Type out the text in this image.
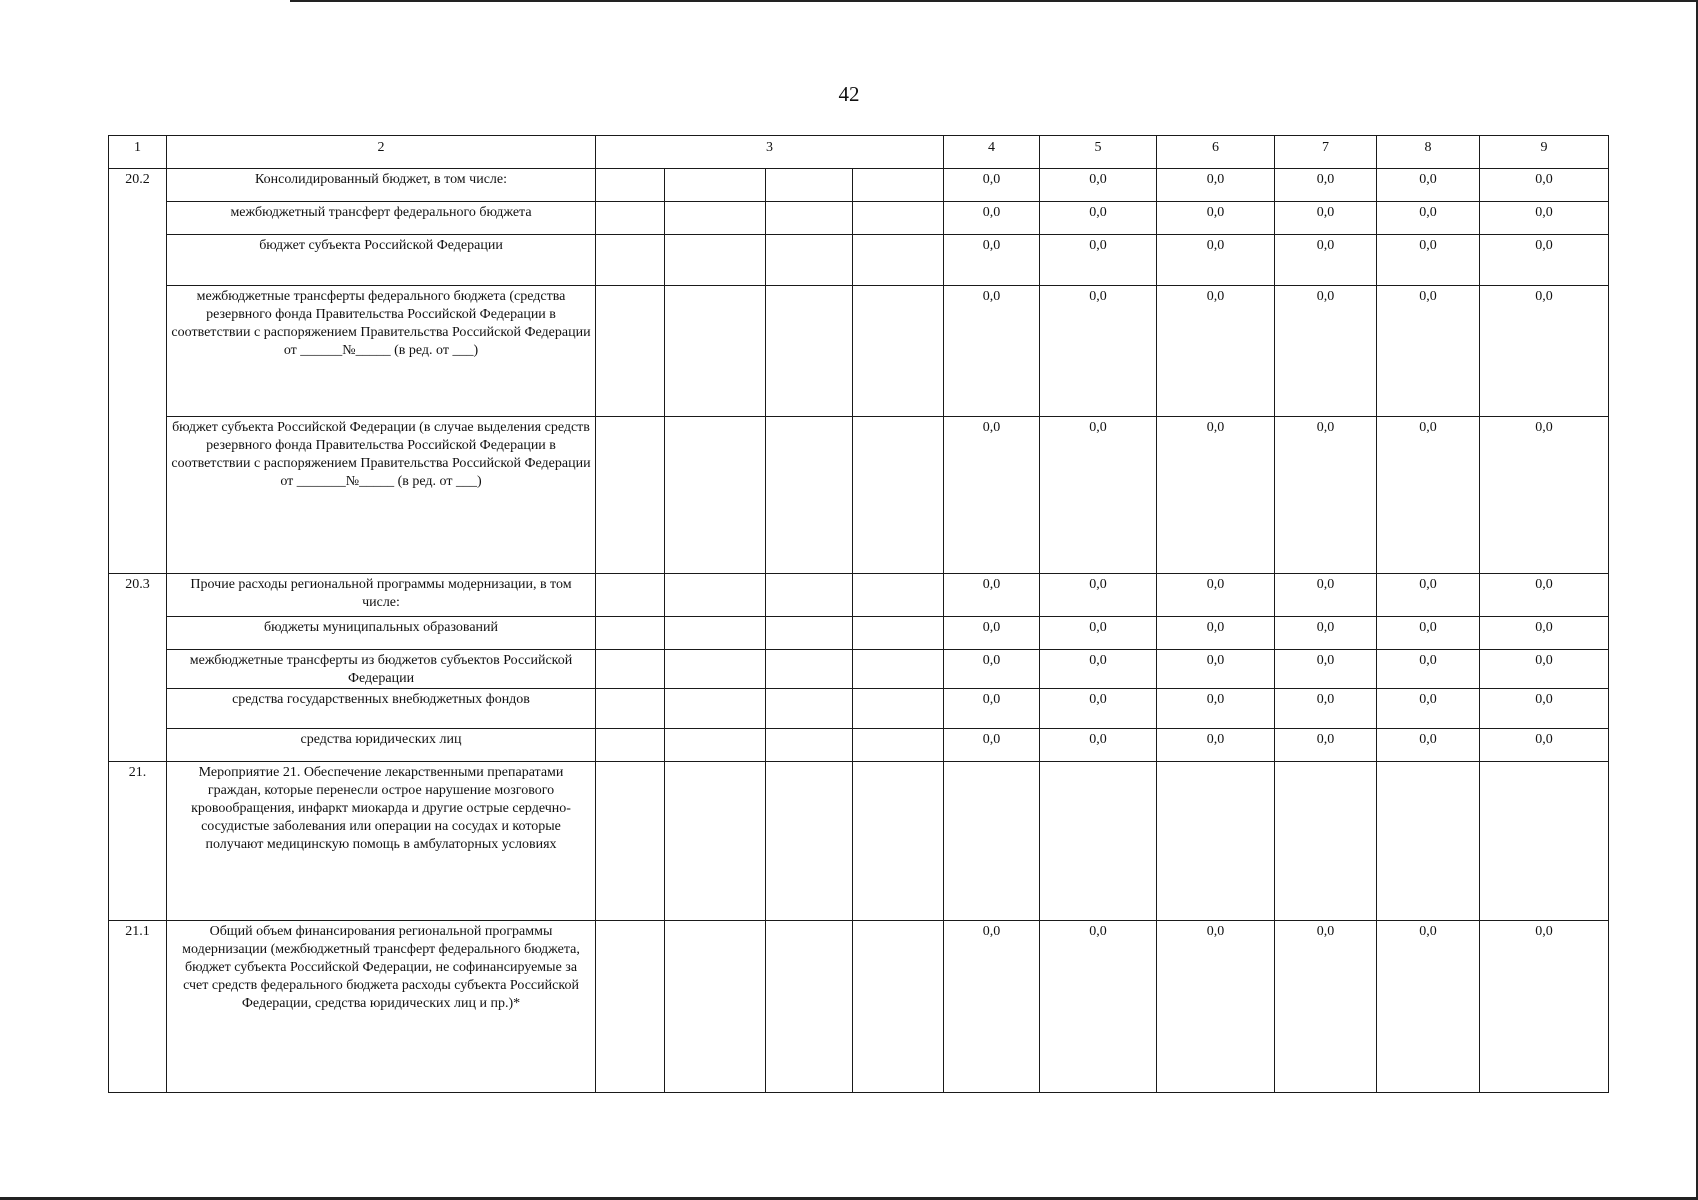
42
1	2	3				4	5	6	7	8	9
20.2	Консолидированный бюджет, в том числе:					0,0	0,0	0,0	0,0	0,0	0,0
	межбюджетный трансферт федерального бюджета					0,0	0,0	0,0	0,0	0,0	0,0
	бюджет субъекта Российской Федерации					0,0	0,0	0,0	0,0	0,0	0,0
	межбюджетные трансферты федерального бюджета (средства резервного фонда Правительства Российской Федерации в соответствии с распоряжением Правительства Российской Федерации от ______№_____ (в ред. от ___)					0,0	0,0	0,0	0,0	0,0	0,0
	бюджет субъекта Российской Федерации (в случае выделения средств резервного фонда Правительства Российской Федерации в соответствии с распоряжением Правительства Российской Федерации от _______№_____ (в ред. от ___)					0,0	0,0	0,0	0,0	0,0	0,0
20.3	Прочие расходы региональной программы модернизации, в том числе:					0,0	0,0	0,0	0,0	0,0	0,0
	бюджеты муниципальных образований					0,0	0,0	0,0	0,0	0,0	0,0
	межбюджетные трансферты из бюджетов субъектов Российской Федерации					0,0	0,0	0,0	0,0	0,0	0,0
	средства государственных внебюджетных фондов					0,0	0,0	0,0	0,0	0,0	0,0
	средства юридических лиц					0,0	0,0	0,0	0,0	0,0	0,0
21.	Мероприятие 21. Обеспечение лекарственными препаратами граждан, которые перенесли острое нарушение мозгового кровообращения, инфаркт миокарда и другие острые сердечно-сосудистые заболевания или операции на сосудах и которые получают медицинскую помощь в амбулаторных условиях										
21.1	Общий объем финансирования региональной программы модернизации (межбюджетный трансферт федерального бюджета, бюджет субъекта Российской Федерации, не софинансируемые за счет средств федерального бюджета расходы субъекта Российской Федерации, средства юридических лиц и пр.)*					0,0	0,0	0,0	0,0	0,0	0,0
